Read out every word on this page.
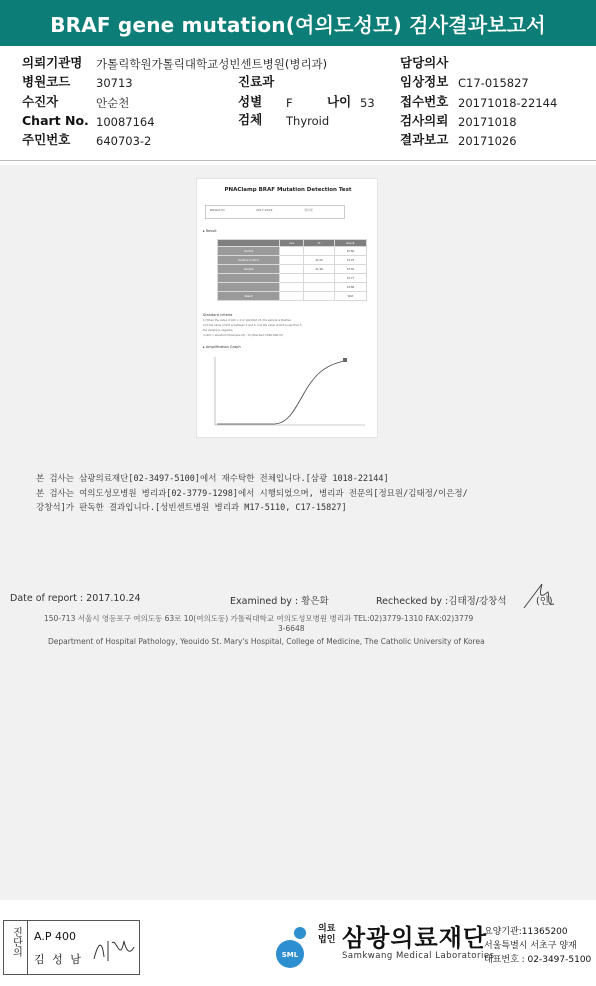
BRAF gene mutation(여의도성모) 검사결과보고서
의뢰기관명 가톨릭학원가톨릭대학교성빈센트병원(병리과)	담당의사
병원코드 30713	진료과	임상정보 C17-015827
수진자	안순천	성별 F	나이 53 접수번호 20171018-22144
Chart No. 10087164	검체 Thyroid	검사의뢰 20171018
주민번호 640703-2	결과보고 20171026
PNAClamp BRAF Mutation Detection Test
Patient ID	2017-2019	검사일
▸ Result
	Ave	Ct	Result
Control			25.80
Positive Control		21.00	33.25
Sample		21.98	33.50
			33.77
			34.86
Result			Wild
Standard criteria
1) When the value of ΔCt < 2 or Valid Ref. Ct, the sample is Positive
2) If the value of ΔCt is between 2 and 5, and the value of ΔCt is less than 5,
the sample is negative
3) ΔCt = standard Ct(sample Ct) - Ct (Standard Ct/No PNA Ct)
▸ Amplification Graph
본 검사는 삼광의료재단[02-3497-5100]에서 재수탁한 전체입니다.[삼광 1018-22144]
본 검사는 여의도성모병원 병리과[02-3779-1298]에서 시행되었으며, 병리과 전문의[정묘원/김태정/이은정/
강창석]가 판독한 결과입니다.[성빈센트병원 병리과 M17-5110, C17-15827]
Date of report : 2017.10.24	Examined by : 황은화	Rechecked by :김태정/강창석	(인)
150-713 서울시 영등포구 여의도동 63로 10(여의도동) 가톨릭대학교 여의도성모병원 병리과 TEL:02)3779-1310 FAX:02)3779
3-6648
Department of Hospital Pathology, Yeouido St. Mary's Hospital, College of Medicine, The Catholic University of Korea
진단의	A.P 400
김 성 남	SML
의료
법인 삼광의료재단
Samkwang Medical Laboratories
요양기관:11365200
서울특별시 서초구 양재
대표번호 : 02-3497-5100
